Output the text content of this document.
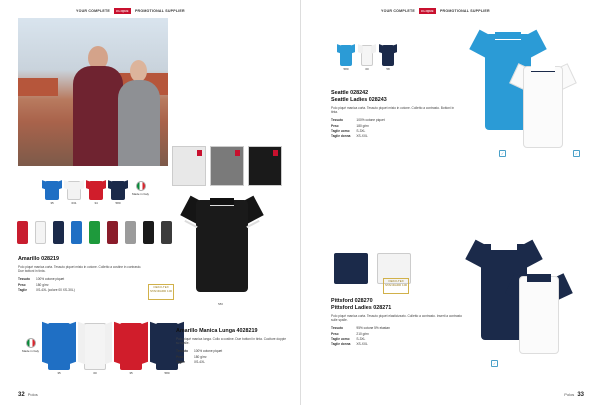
YOUR COMPLETE	CLIQUE	PROMOTIONAL SUPPLIER
35	031	34	580
Made in Italy
Amarillo 028219
Polo piqué manica corta. Tessuto piquet misto in cotone. Colletto a costine in contrasto. Due bottoni in tinta.
Tessuto	100% cotone piquet
Peso	180 g/m²
Taglie	XS-4XL (colore 00 XS-3XL)
OEKO-TEX STANDARD 100
580
35	00	35	580
Made in Italy
Amarillo Manica Lunga 4028219
Polo piqué manica lunga. Collo a costine. Due bottoni in tinta. Cuciture doppie su spalle.
Tessuto	100% cotone piquet
Peso	180 g/m²
Taglie	XS-4XL
32 Polos
YOUR COMPLETE	CLIQUE	PROMOTIONAL SUPPLIER
580	00	58
Seattle 028242
Seattle Ladies 028243
Polo piqué manica corta. Tessuto piquet misto in cotone. Colletto a contrasto. Bottoni in tinta.
Tessuto	100% cotone piquet
Peso	180 g/m²
Taglie uomo	S-3XL
Taglie donna	XS-XXL
✓	✓
OEKO-TEX STANDARD 100
Pittsford 028270
Pittsford Ladies 028271
Polo piqué manica corta. Tessuto piquet elasticizzato. Colletto a contrasto. Inserti a contrasto sulle spalle.
Tessuto	95% cotone 5% elastan
Peso	210 g/m²
Taglie uomo	S-3XL
Taglie donna	XS-XXL
✓
Polos 33
